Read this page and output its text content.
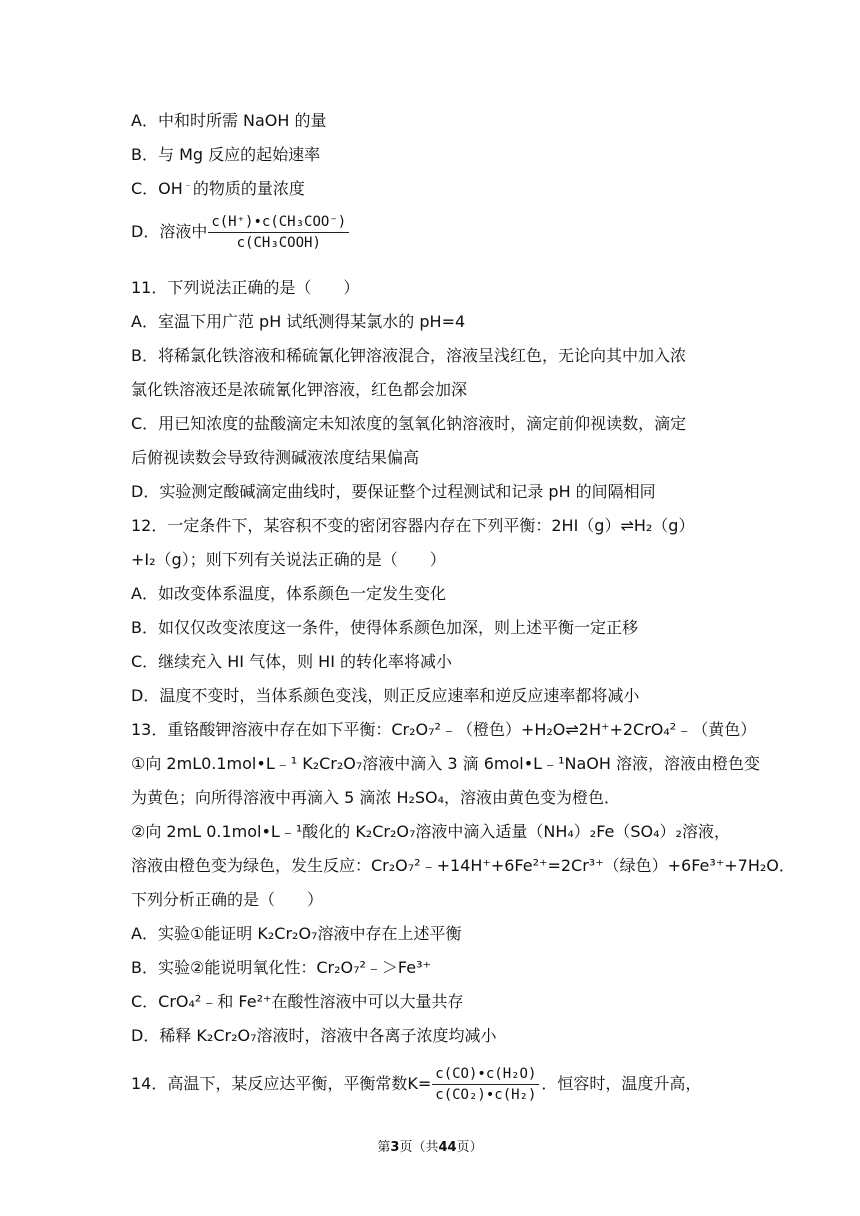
A．中和时所需 NaOH 的量
B．与 Mg 反应的起始速率
C．OH﹣的物质的量浓度
D．溶液中 $\frac{\text{c(H⁺)•c(CH₃COO⁻)}}{\text{c(CH₃COOH)}}$
11．下列说法正确的是（　　）
A．室温下用广范 pH 试纸测得某氯水的 pH=4
B．将稀氯化铁溶液和稀硫氰化钾溶液混合，溶液呈浅红色，无论向其中加入浓
氯化铁溶液还是浓硫氰化钾溶液，红色都会加深
C．用已知浓度的盐酸滴定未知浓度的氢氧化钠溶液时，滴定前仰视读数，滴定
后俯视读数会导致待测碱液浓度结果偏高
D．实验测定酸碱滴定曲线时，要保证整个过程测试和记录 pH 的间隔相同
12．一定条件下，某容积不变的密闭容器内存在下列平衡：2HI（g）⇌H₂（g）
+I₂（g）；则下列有关说法正确的是（　　）
A．如改变体系温度，体系颜色一定发生变化
B．如仅仅改变浓度这一条件，使得体系颜色加深，则上述平衡一定正移
C．继续充入 HI 气体，则 HI 的转化率将减小
D．温度不变时，当体系颜色变浅，则正反应速率和逆反应速率都将减小
13．重铬酸钾溶液中存在如下平衡：Cr₂O₇²﹣（橙色）+H₂O⇌2H⁺+2CrO₄²﹣（黄色）
①向 2mL0.1mol•L﹣¹ K₂Cr₂O₇溶液中滴入 3 滴 6mol•L﹣¹NaOH 溶液，溶液由橙色变
为黄色；向所得溶液中再滴入 5 滴浓 H₂SO₄，溶液由黄色变为橙色．
②向 2mL 0.1mol•L﹣¹酸化的 K₂Cr₂O₇溶液中滴入适量（NH₄）₂Fe（SO₄）₂溶液，
溶液由橙色变为绿色，发生反应：Cr₂O₇²﹣+14H⁺+6Fe²⁺=2Cr³⁺（绿色）+6Fe³⁺+7H₂O．
下列分析正确的是（　　）
A．实验①能证明 K₂Cr₂O₇溶液中存在上述平衡
B．实验②能说明氧化性：Cr₂O₇²﹣＞Fe³⁺
C．CrO₄²﹣和 Fe²⁺在酸性溶液中可以大量共存
D．稀释 K₂Cr₂O₇溶液时，溶液中各离子浓度均减小
14．高温下，某反应达平衡，平衡常数$K= \frac{\text{c(CO)•c(H₂O)}}{\text{c(CO₂)•c(H₂)}}$ ．恒容时，温度升高，
第3页（共44页）
